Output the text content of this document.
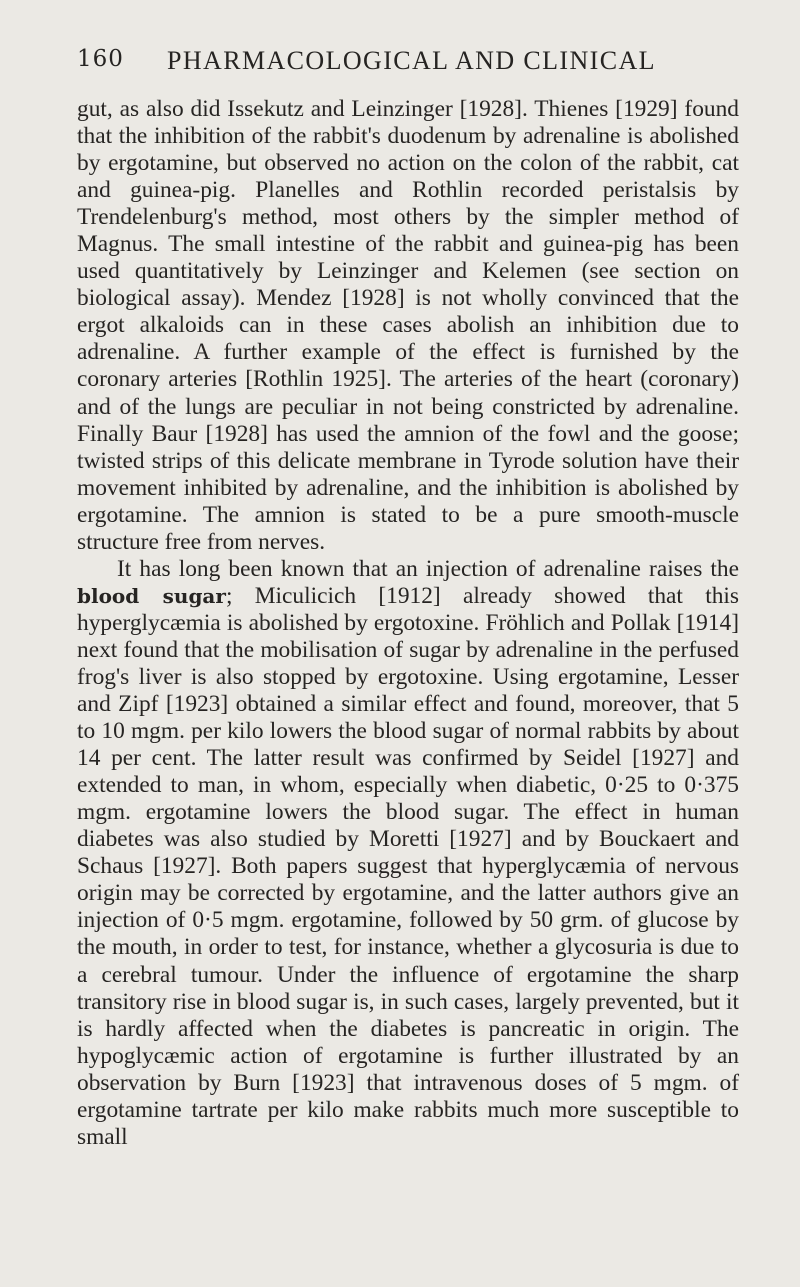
160 PHARMACOLOGICAL AND CLINICAL

gut, as also did Issekutz and Leinzinger [1928]. Thienes [1929] found that the inhibition of the rabbit's duodenum by adrenaline is abolished by ergotamine, but observed no action on the colon of the rabbit, cat and guinea-pig. Planelles and Rothlin recorded peristalsis by Trendelenburg's method, most others by the simpler method of Magnus. The small intestine of the rabbit and guinea-pig has been used quantitatively by Leinzinger and Kelemen (see section on biological assay). Mendez [1928] is not wholly convinced that the ergot alkaloids can in these cases abolish an inhibition due to adrenaline. A further example of the effect is furnished by the coronary arteries [Rothlin 1925]. The arteries of the heart (coronary) and of the lungs are peculiar in not being constricted by adrenaline. Finally Baur [1928] has used the amnion of the fowl and the goose; twisted strips of this delicate membrane in Tyrode solution have their movement inhibited by adrenaline, and the inhibition is abolished by ergotamine. The amnion is stated to be a pure smooth-muscle structure free from nerves.

It has long been known that an injection of adrenaline raises the blood sugar; Miculicich [1912] already showed that this hyperglycæmia is abolished by ergotoxine. Fröhlich and Pollak [1914] next found that the mobilisation of sugar by adrenaline in the perfused frog's liver is also stopped by ergotoxine. Using ergotamine, Lesser and Zipf [1923] obtained a similar effect and found, moreover, that 5 to 10 mgm. per kilo lowers the blood sugar of normal rabbits by about 14 per cent. The latter result was confirmed by Seidel [1927] and extended to man, in whom, especially when diabetic, 0·25 to 0·375 mgm. ergotamine lowers the blood sugar. The effect in human diabetes was also studied by Moretti [1927] and by Bouckaert and Schaus [1927]. Both papers suggest that hyperglycæmia of nervous origin may be corrected by ergotamine, and the latter authors give an injection of 0·5 mgm. ergotamine, followed by 50 grm. of glucose by the mouth, in order to test, for instance, whether a glycosuria is due to a cerebral tumour. Under the influence of ergotamine the sharp transitory rise in blood sugar is, in such cases, largely prevented, but it is hardly affected when the diabetes is pancreatic in origin. The hypoglycæmic action of ergotamine is further illustrated by an observation by Burn [1923] that intravenous doses of 5 mgm. of ergotamine tartrate per kilo make rabbits much more susceptible to small
